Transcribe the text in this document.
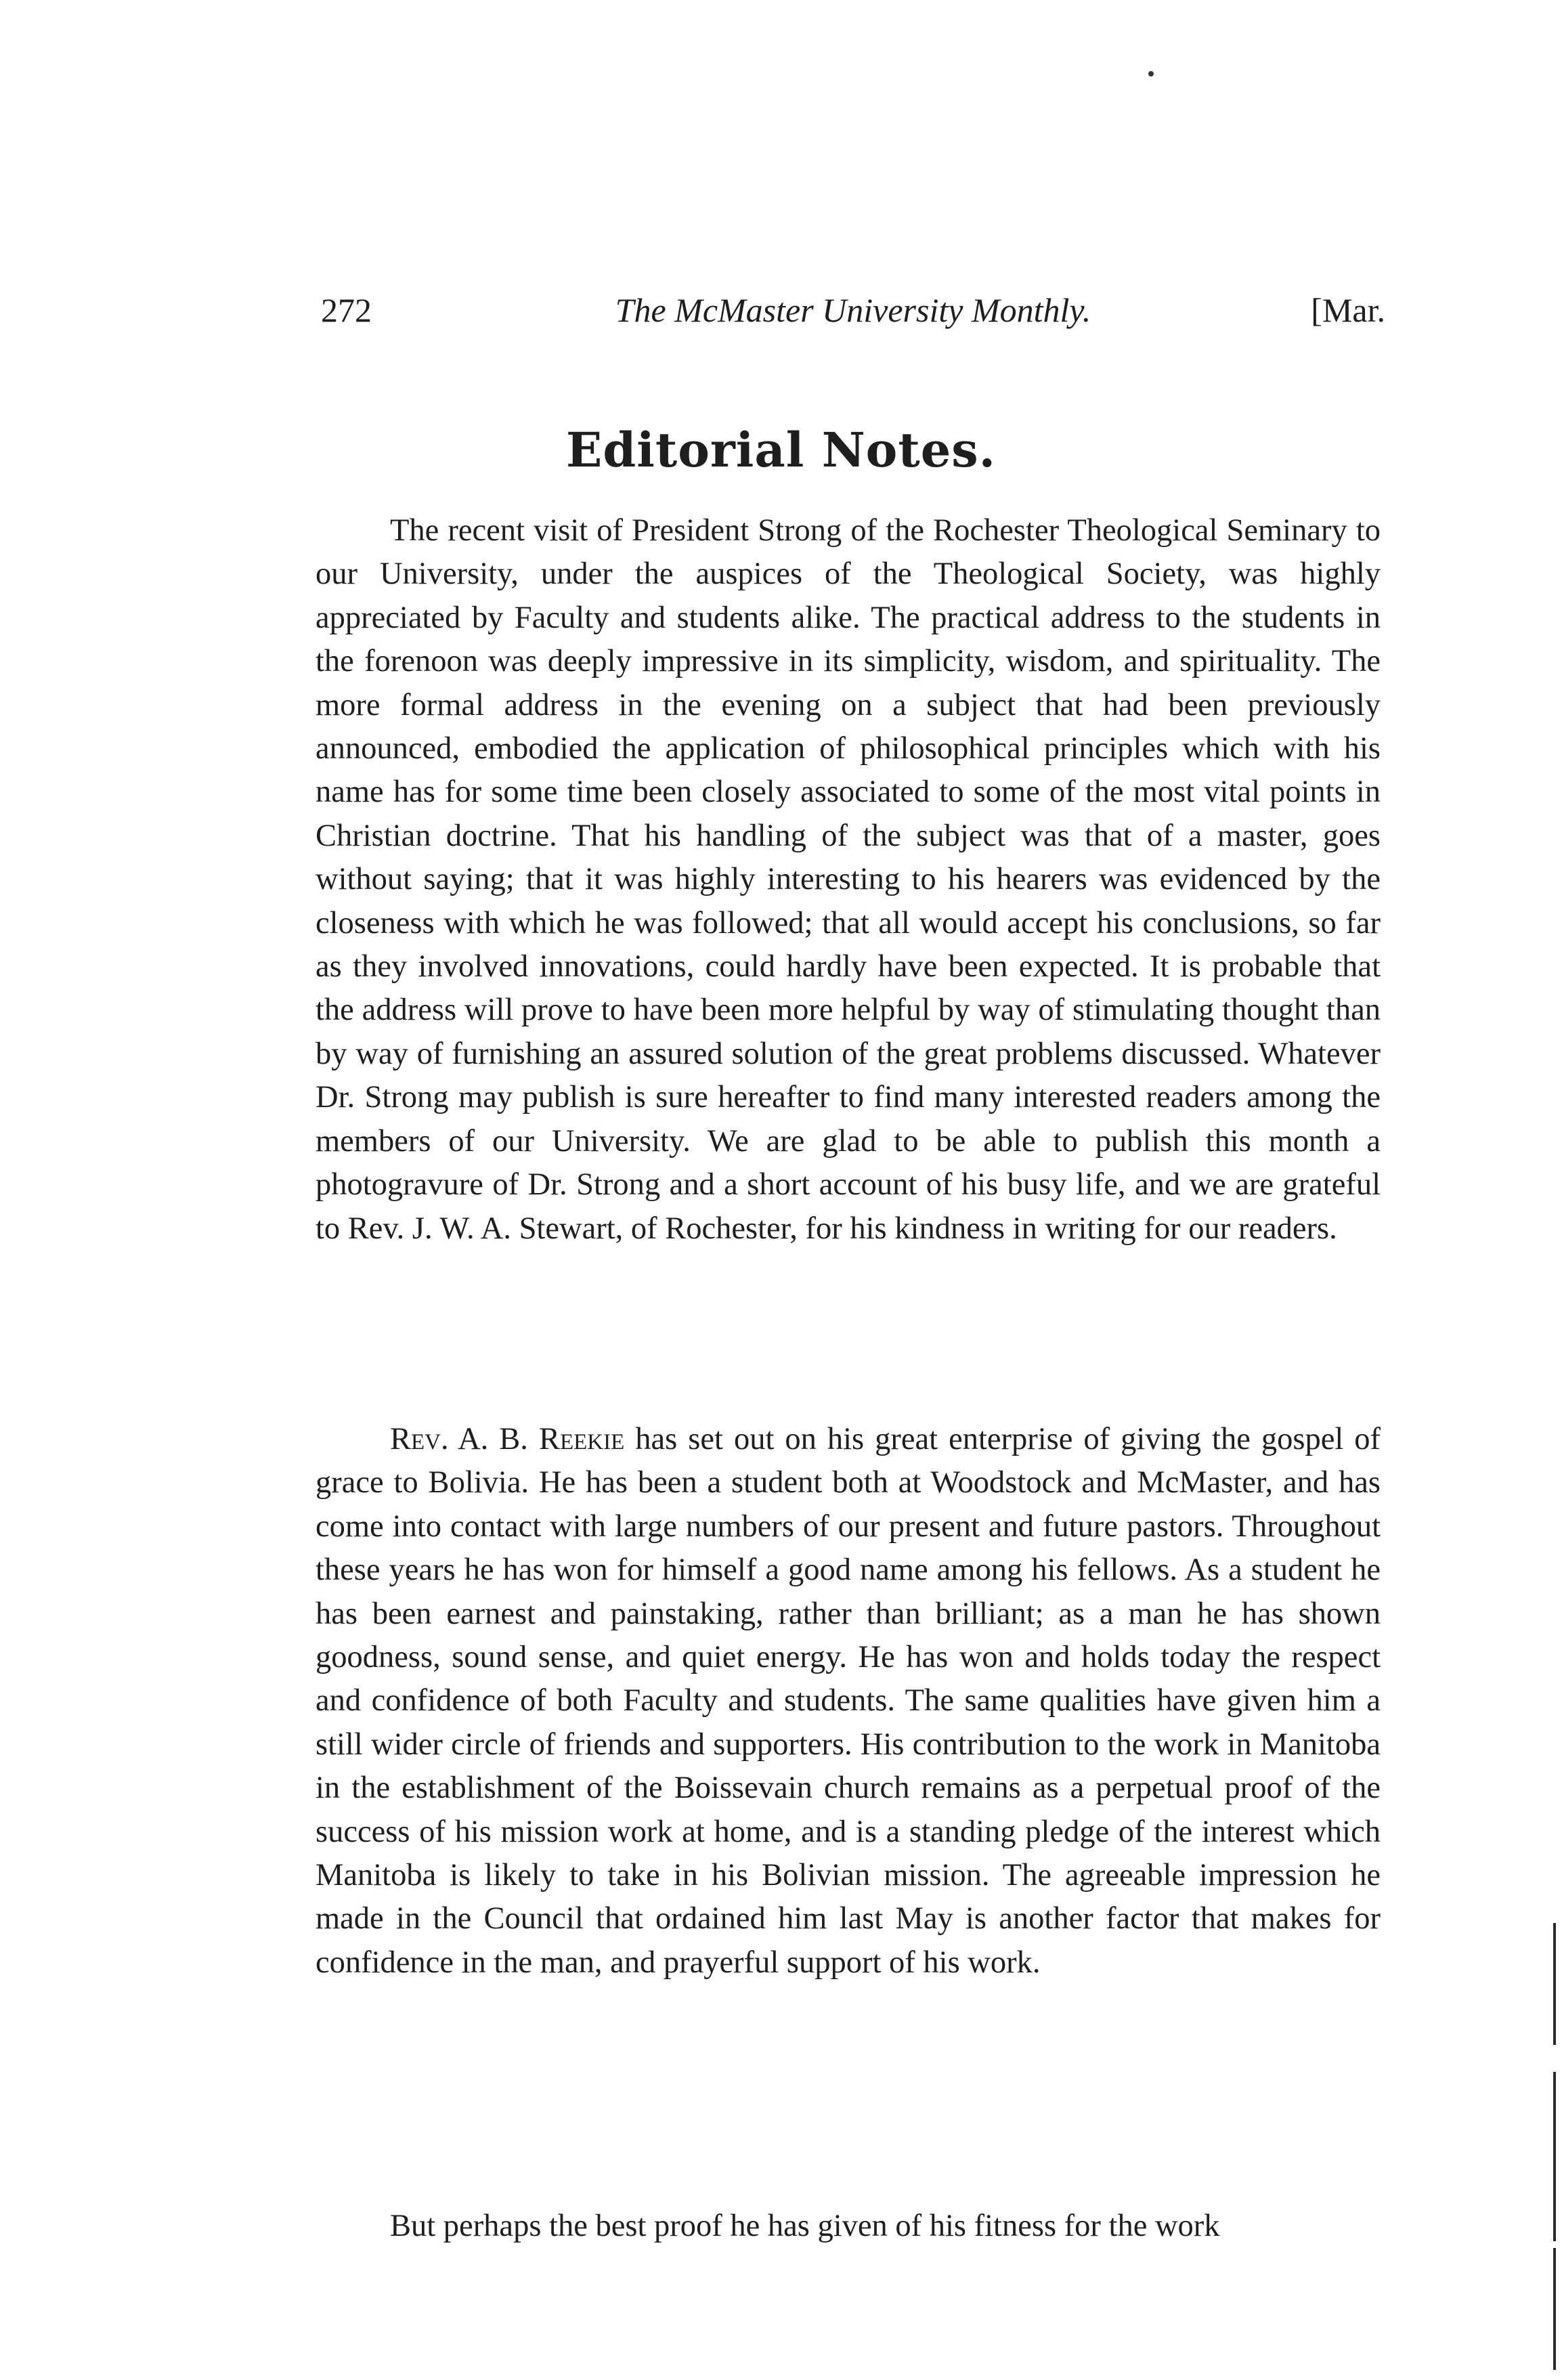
272	The McMaster University Monthly.	[Mar.
Editorial Notes.

The recent visit of President Strong of the Rochester Theological Seminary to our University, under the auspices of the Theological Society, was highly appreciated by Faculty and students alike. The practical address to the students in the forenoon was deeply impressive in its simplicity, wisdom, and spirituality. The more formal address in the evening on a subject that had been previously announced, embodied the application of philosophical principles which with his name has for some time been closely associated to some of the most vital points in Christian doctrine. That his handling of the subject was that of a master, goes without saying; that it was highly interesting to his hearers was evidenced by the closeness with which he was followed; that all would accept his conclusions, so far as they involved innovations, could hardly have been expected. It is probable that the address will prove to have been more helpful by way of stimulating thought than by way of furnishing an assured solution of the great problems discussed. Whatever Dr. Strong may publish is sure hereafter to find many interested readers among the members of our University. We are glad to be able to publish this month a photogravure of Dr. Strong and a short account of his busy life, and we are grateful to Rev. J. W. A. Stewart, of Rochester, for his kindness in writing for our readers.

Rev. A. B. Reekie has set out on his great enterprise of giving the gospel of grace to Bolivia. He has been a student both at Woodstock and McMaster, and has come into contact with large numbers of our present and future pastors. Throughout these years he has won for himself a good name among his fellows. As a student he has been earnest and painstaking, rather than brilliant; as a man he has shown goodness, sound sense, and quiet energy. He has won and holds today the respect and confidence of both Faculty and students. The same qualities have given him a still wider circle of friends and supporters. His contribution to the work in Manitoba in the establishment of the Boissevain church remains as a perpetual proof of the success of his mission work at home, and is a standing pledge of the interest which Manitoba is likely to take in his Bolivian mission. The agreeable impression he made in the Council that ordained him last May is another factor that makes for confidence in the man, and prayerful support of his work.

But perhaps the best proof he has given of his fitness for the work
